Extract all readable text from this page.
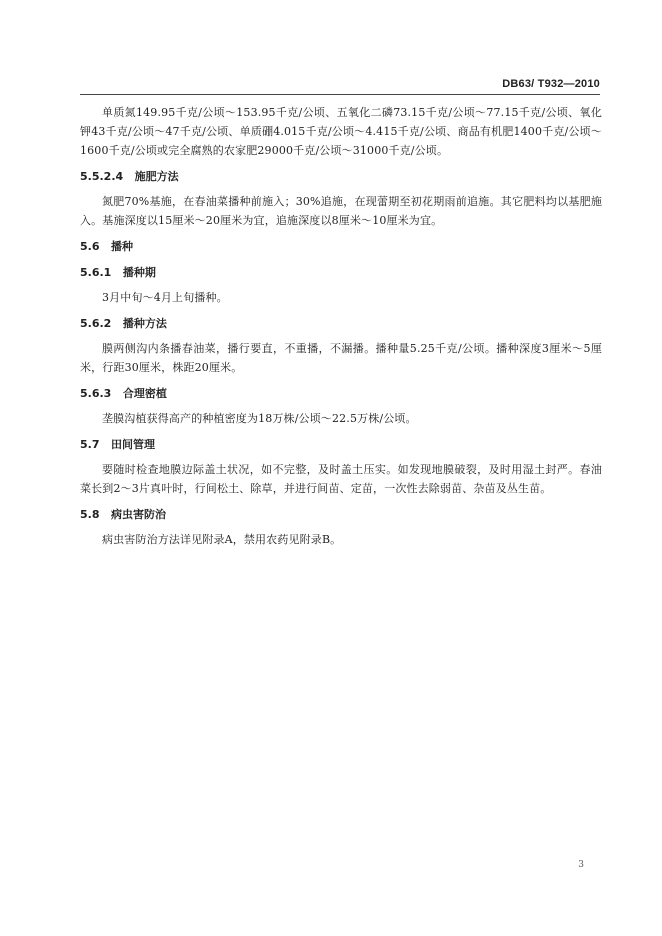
DB63/ T932—2010

单质氮149.95千克/公顷～153.95千克/公顷、五氧化二磷73.15千克/公顷～77.15千克/公顷、氧化钾43千克/公顷～47千克/公顷、单质硼4.015千克/公顷～4.415千克/公顷、商品有机肥1400千克/公顷～1600千克/公顷或完全腐熟的农家肥29000千克/公顷～31000千克/公顷。

5.5.2.4 施肥方法

氮肥70%基施，在春油菜播种前施入；30%追施，在现蕾期至初花期雨前追施。其它肥料均以基肥施入。基施深度以15厘米～20厘米为宜，追施深度以8厘米～10厘米为宜。

5.6 播种

5.6.1 播种期

3月中旬～4月上旬播种。

5.6.2 播种方法

膜两侧沟内条播春油菜，播行要直，不重播，不漏播。播种量5.25千克/公顷。播种深度3厘米～5厘米，行距30厘米，株距20厘米。

5.6.3 合理密植

垄膜沟植获得高产的种植密度为18万株/公顷～22.5万株/公顷。

5.7 田间管理

要随时检查地膜边际盖土状况，如不完整，及时盖土压实。如发现地膜破裂，及时用湿土封严。春油菜长到2～3片真叶时，行间松土、除草，并进行间苗、定苗，一次性去除弱苗、杂苗及丛生苗。

5.8 病虫害防治

病虫害防治方法详见附录A，禁用农药见附录B。

3
